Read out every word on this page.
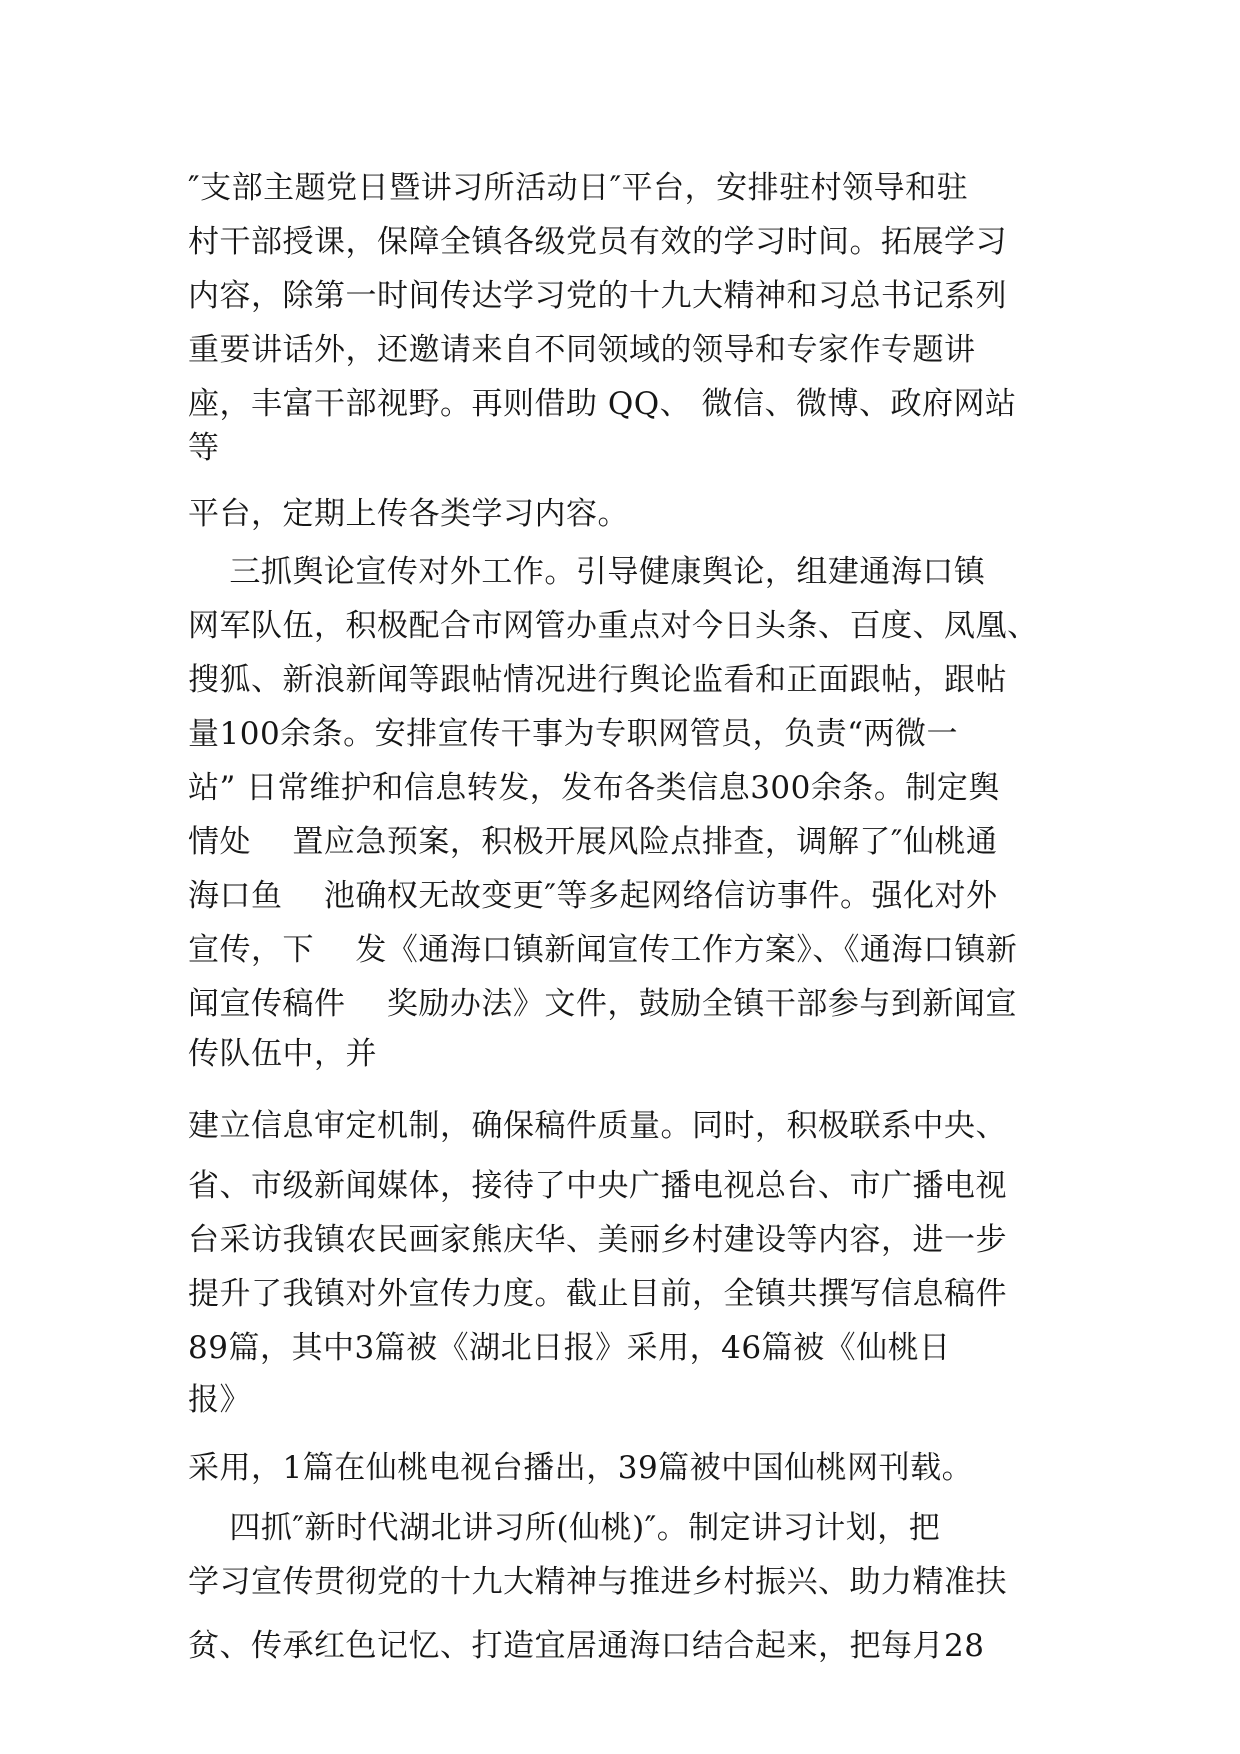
″支部主题党日暨讲习所活动日″平台，安排驻村领导和驻
村干部授课，保障全镇各级党员有效的学习时间。拓展学习
内容，除第一时间传达学习党的十九大精神和习总书记系列
重要讲话外，还邀请来自不同领域的领导和专家作专题讲
座，丰富干部视野。再则借助 QQ、 微信、微博、政府网站
等
平台，定期上传各类学习内容。
三抓舆论宣传对外工作。引导健康舆论，组建通海口镇
网军队伍，积极配合市网管办重点对今日头条、百度、凤凰、
搜狐、新浪新闻等跟帖情况进行舆论监看和正面跟帖，跟帖
量100余条。安排宣传干事为专职网管员，负责“两微一
站” 日常维护和信息转发，发布各类信息300余条。制定舆
情处    置应急预案，积极开展风险点排查，调解了″仙桃通
海口鱼    池确权无故变更″等多起网络信访事件。强化对外
宣传，下    发《通海口镇新闻宣传工作方案》、《通海口镇新
闻宣传稿件    奖励办法》文件，鼓励全镇干部参与到新闻宣
传队伍中，并
建立信息审定机制，确保稿件质量。同时，积极联系中央、
省、市级新闻媒体，接待了中央广播电视总台、市广播电视
台采访我镇农民画家熊庆华、美丽乡村建设等内容，进一步
提升了我镇对外宣传力度。截止目前，全镇共撰写信息稿件
89篇，其中3篇被《湖北日报》采用，46篇被《仙桃日
报》
采用，1篇在仙桃电视台播出，39篇被中国仙桃网刊载。
四抓″新时代湖北讲习所(仙桃)″。制定讲习计划，把
学习宣传贯彻党的十九大精神与推进乡村振兴、助力精准扶
贫、传承红色记忆、打造宜居通海口结合起来，把每月28
